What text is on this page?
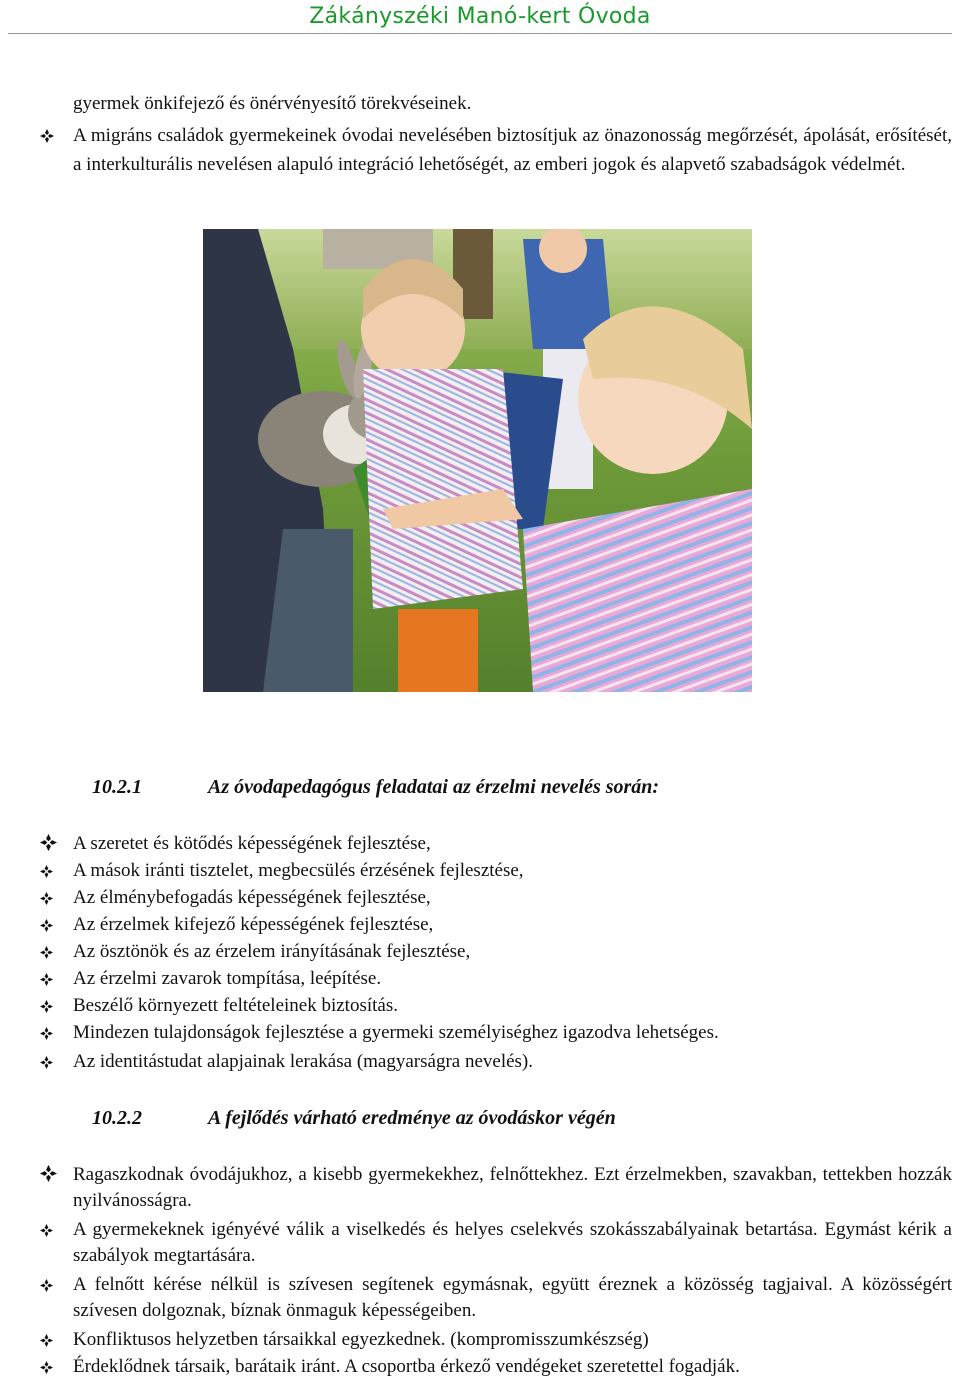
Zákányszéki Manó-kert Óvoda
gyermek önkifejező és önérvényesítő törekvéseinek.
A migráns családok gyermekeinek óvodai nevelésében biztosítjuk az önazonosság megőrzését, ápolását, erősítését, a interkulturális nevelésen alapuló integráció lehetőségét, az emberi jogok és alapvető szabadságok védelmét.
10.2.1	Az óvodapedagógus feladatai az érzelmi nevelés során:
A szeretet és kötődés képességének fejlesztése,
A mások iránti tisztelet, megbecsülés érzésének fejlesztése,
Az élménybefogadás képességének fejlesztése,
Az érzelmek kifejező képességének fejlesztése,
Az ösztönök és az érzelem irányításának fejlesztése,
Az érzelmi zavarok tompítása, leépítése.
Beszélő környezett feltételeinek biztosítás.
Mindezen tulajdonságok fejlesztése a gyermeki személyiséghez igazodva lehetséges.
Az identitástudat alapjainak lerakása (magyarságra nevelés).
10.2.2	A fejlődés várható eredménye az óvodáskor végén
Ragaszkodnak óvodájukhoz, a kisebb gyermekekhez, felnőttekhez. Ezt érzelmekben, szavakban, tettekben hozzák nyilvánosságra.
A gyermekeknek igényévé válik a viselkedés és helyes cselekvés szokásszabályainak betartása. Egymást kérik a szabályok megtartására.
A felnőtt kérése nélkül is szívesen segítenek egymásnak, együtt éreznek a közösség tagjaival. A közösségért szívesen dolgoznak, bíznak önmaguk képességeiben.
Konfliktusos helyzetben társaikkal egyezkednek. (kompromisszumkészség)
Érdeklődnek társaik, barátaik iránt. A csoportba érkező vendégeket szeretettel fogadják.
